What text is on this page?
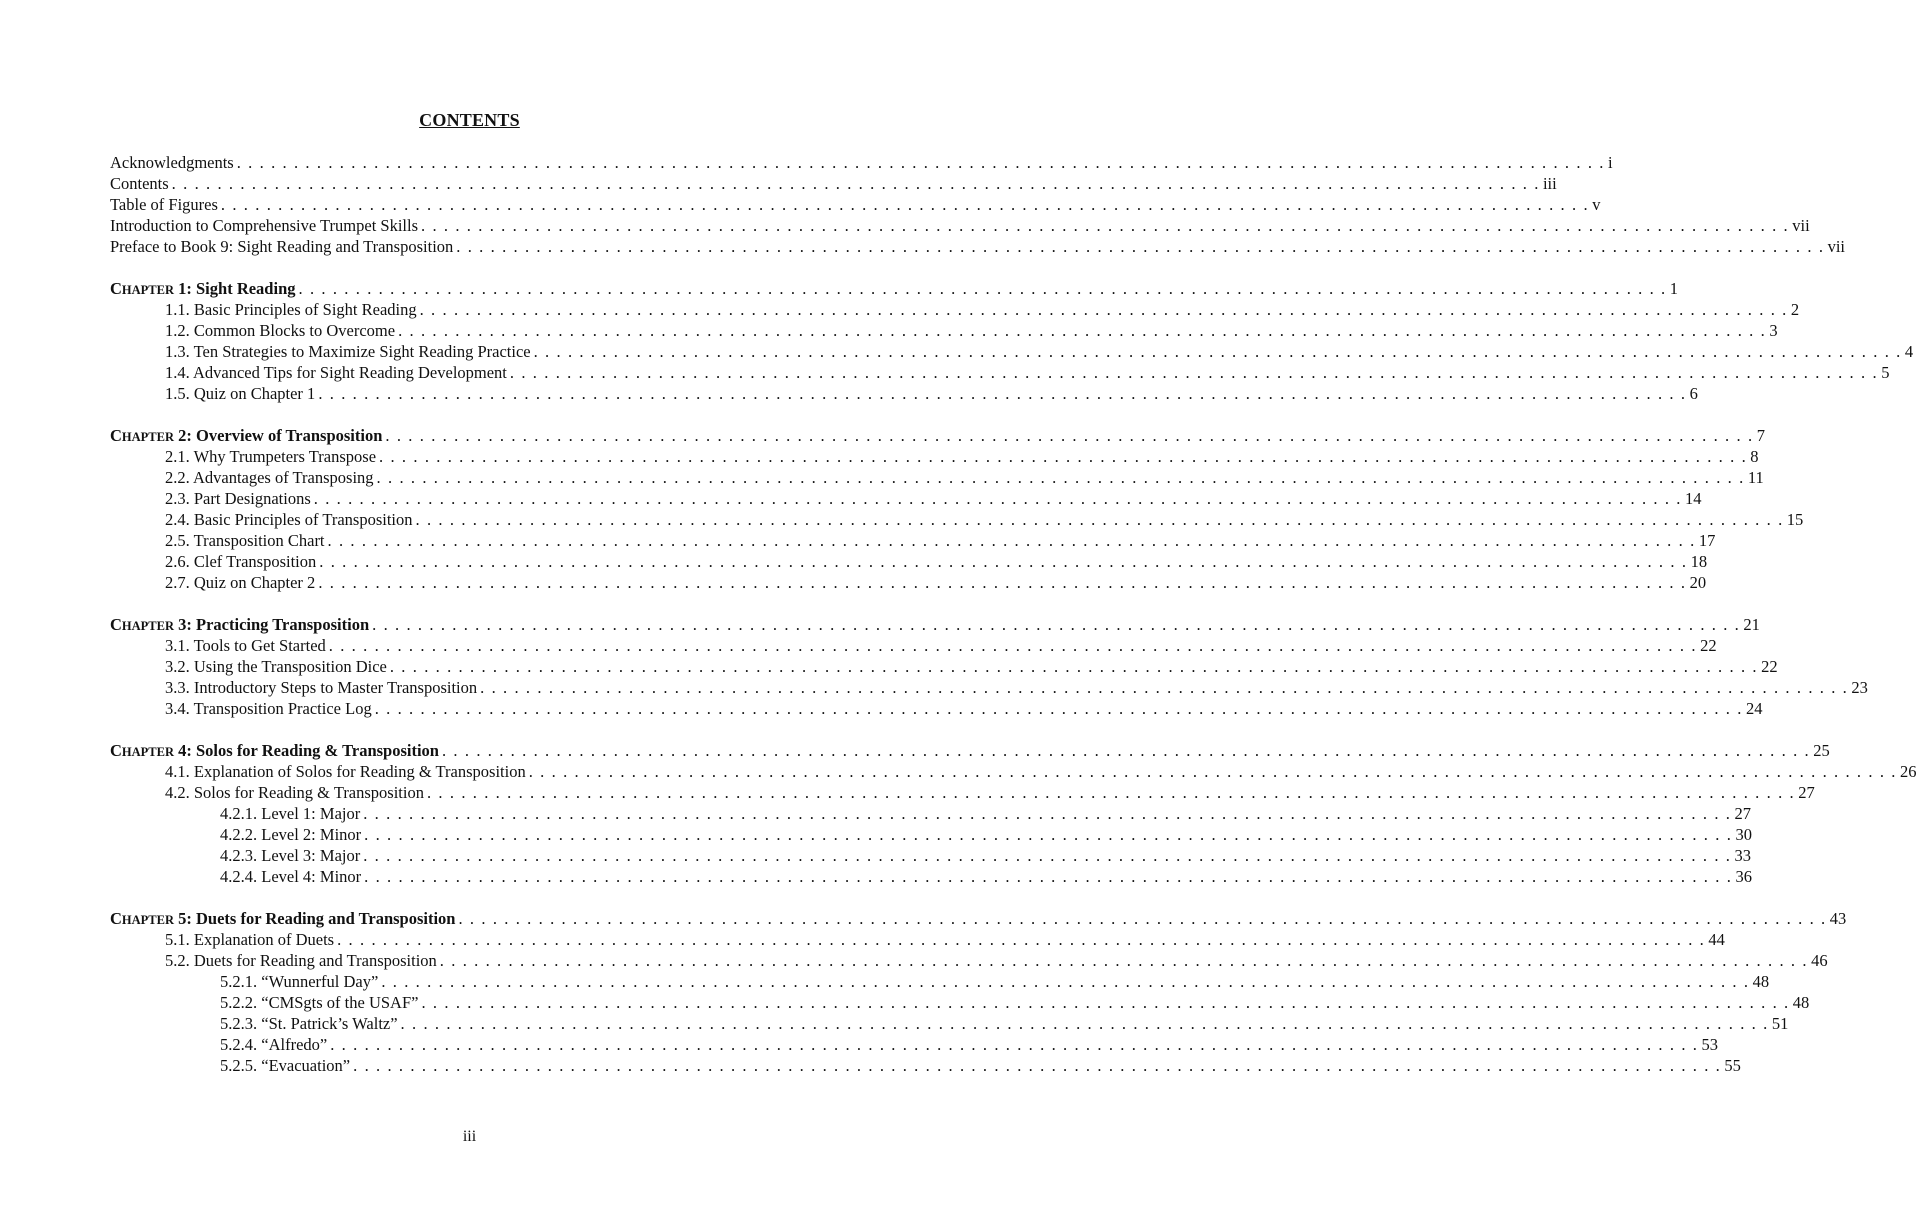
CONTENTS
Acknowledgments . . . . . . . . . . . . . . . . . . . . . . . . . . . . . . . . . . . . . . . . . . . . . . . . . . . . . . . . . . . . . . . . . . . . . . . . . . . . . . . . . . . . . . . . . . . . . . . . . . . . . . . . . . . . . . . . . . . . . . . . i
Contents . . . . . . . . . . . . . . . . . . . . . . . . . . . . . . . . . . . . . . . . . . . . . . . . . . . . . . . . . . . . . . . . . . . . . . . . . . . . . . . . . . . . . . . . . . . . . . . . . . . . . . . . . . . . . . . . . . . . . . . . iii
Table of Figures . . . . . . . . . . . . . . . . . . . . . . . . . . . . . . . . . . . . . . . . . . . . . . . . . . . . . . . . . . . . . . . . . . . . . . . . . . . . . . . . . . . . . . . . . . . . . . . . . . . . . . . . . . . . . . . . . . . . . . . . v
Introduction to Comprehensive Trumpet Skills . . . . . . . . . . . . . . . . . . . . . . . . . . . . . . . . . . . . . . . . . . . . . . . . . . . . . . . . . . . . . . . . . . . . . . . . . . . . . . . . . . . . . . . . . . . . . . . . . . . . . . . . . . . . . . . . . . . . . . . . vii
Preface to Book 9: Sight Reading and Transposition . . . . . . . . . . . . . . . . . . . . . . . . . . . . . . . . . . . . . . . . . . . . . . . . . . . . . . . . . . . . . . . . . . . . . . . . . . . . . . . . . . . . . . . . . . . . . . . . . . . . . . . . . . . . . . . . . . . . . . . . vii
CHAPTER 1: Sight Reading . . . . . . . . . . . . . . . . . . . . . . . . . . . . . . . . . . . . . . . . . . . . . . . . . . . . . . . . . . . . . . . . . . . . . . . . . . . . . . . . . . . . . . . . . . . . . . . . . . . . . . . . . . . . . . . . . . . . . . . . 1
1.1. Basic Principles of Sight Reading . . . . . . . . . . . . . . . . . . . . . . . . . . . . . . . . . . . . . . . . . . . . . . . . . . . . . . . . . . . . . . . . . . . . . . . . . . . . . . . . . . . . . . . . . . . . . . . . . . . . . . . . . . . . . . . . . . . . . . . . 2
1.2. Common Blocks to Overcome . . . . . . . . . . . . . . . . . . . . . . . . . . . . . . . . . . . . . . . . . . . . . . . . . . . . . . . . . . . . . . . . . . . . . . . . . . . . . . . . . . . . . . . . . . . . . . . . . . . . . . . . . . . . . . . . . . . . . . . . 3
1.3. Ten Strategies to Maximize Sight Reading Practice . . . . . . . . . . . . . . . . . . . . . . . . . . . . . . . . . . . . . . . . . . . . . . . . . . . . . . . . . . . . . . . . . . . . . . . . . . . . . . . . . . . . . . . . . . . . . . . . . . . . . . . . . . . . . . . . . . . . . . . . 4
1.4. Advanced Tips for Sight Reading Development . . . . . . . . . . . . . . . . . . . . . . . . . . . . . . . . . . . . . . . . . . . . . . . . . . . . . . . . . . . . . . . . . . . . . . . . . . . . . . . . . . . . . . . . . . . . . . . . . . . . . . . . . . . . . . . . . . . . . . . . 5
1.5. Quiz on Chapter 1 . . . . . . . . . . . . . . . . . . . . . . . . . . . . . . . . . . . . . . . . . . . . . . . . . . . . . . . . . . . . . . . . . . . . . . . . . . . . . . . . . . . . . . . . . . . . . . . . . . . . . . . . . . . . . . . . . . . . . . . . 6
CHAPTER 2: Overview of Transposition . . . . . . . . . . . . . . . . . . . . . . . . . . . . . . . . . . . . . . . . . . . . . . . . . . . . . . . . . . . . . . . . . . . . . . . . . . . . . . . . . . . . . . . . . . . . . . . . . . . . . . . . . . . . . . . . . . . . . . . . 7
2.1. Why Trumpeters Transpose . . . . . . . . . . . . . . . . . . . . . . . . . . . . . . . . . . . . . . . . . . . . . . . . . . . . . . . . . . . . . . . . . . . . . . . . . . . . . . . . . . . . . . . . . . . . . . . . . . . . . . . . . . . . . . . . . . . . . . . . 8
2.2. Advantages of Transposing . . . . . . . . . . . . . . . . . . . . . . . . . . . . . . . . . . . . . . . . . . . . . . . . . . . . . . . . . . . . . . . . . . . . . . . . . . . . . . . . . . . . . . . . . . . . . . . . . . . . . . . . . . . . . . . . . . . . . . . . 11
2.3. Part Designations . . . . . . . . . . . . . . . . . . . . . . . . . . . . . . . . . . . . . . . . . . . . . . . . . . . . . . . . . . . . . . . . . . . . . . . . . . . . . . . . . . . . . . . . . . . . . . . . . . . . . . . . . . . . . . . . . . . . . . . . 14
2.4. Basic Principles of Transposition . . . . . . . . . . . . . . . . . . . . . . . . . . . . . . . . . . . . . . . . . . . . . . . . . . . . . . . . . . . . . . . . . . . . . . . . . . . . . . . . . . . . . . . . . . . . . . . . . . . . . . . . . . . . . . . . . . . . . . . . 15
2.5. Transposition Chart . . . . . . . . . . . . . . . . . . . . . . . . . . . . . . . . . . . . . . . . . . . . . . . . . . . . . . . . . . . . . . . . . . . . . . . . . . . . . . . . . . . . . . . . . . . . . . . . . . . . . . . . . . . . . . . . . . . . . . . . 17
2.6. Clef Transposition . . . . . . . . . . . . . . . . . . . . . . . . . . . . . . . . . . . . . . . . . . . . . . . . . . . . . . . . . . . . . . . . . . . . . . . . . . . . . . . . . . . . . . . . . . . . . . . . . . . . . . . . . . . . . . . . . . . . . . . . 18
2.7. Quiz on Chapter 2 . . . . . . . . . . . . . . . . . . . . . . . . . . . . . . . . . . . . . . . . . . . . . . . . . . . . . . . . . . . . . . . . . . . . . . . . . . . . . . . . . . . . . . . . . . . . . . . . . . . . . . . . . . . . . . . . . . . . . . . . 20
CHAPTER 3: Practicing Transposition . . . . . . . . . . . . . . . . . . . . . . . . . . . . . . . . . . . . . . . . . . . . . . . . . . . . . . . . . . . . . . . . . . . . . . . . . . . . . . . . . . . . . . . . . . . . . . . . . . . . . . . . . . . . . . . . . . . . . . . . 21
3.1. Tools to Get Started . . . . . . . . . . . . . . . . . . . . . . . . . . . . . . . . . . . . . . . . . . . . . . . . . . . . . . . . . . . . . . . . . . . . . . . . . . . . . . . . . . . . . . . . . . . . . . . . . . . . . . . . . . . . . . . . . . . . . . . . 22
3.2. Using the Transposition Dice . . . . . . . . . . . . . . . . . . . . . . . . . . . . . . . . . . . . . . . . . . . . . . . . . . . . . . . . . . . . . . . . . . . . . . . . . . . . . . . . . . . . . . . . . . . . . . . . . . . . . . . . . . . . . . . . . . . . . . . . 22
3.3. Introductory Steps to Master Transposition . . . . . . . . . . . . . . . . . . . . . . . . . . . . . . . . . . . . . . . . . . . . . . . . . . . . . . . . . . . . . . . . . . . . . . . . . . . . . . . . . . . . . . . . . . . . . . . . . . . . . . . . . . . . . . . . . . . . . . . . 23
3.4. Transposition Practice Log . . . . . . . . . . . . . . . . . . . . . . . . . . . . . . . . . . . . . . . . . . . . . . . . . . . . . . . . . . . . . . . . . . . . . . . . . . . . . . . . . . . . . . . . . . . . . . . . . . . . . . . . . . . . . . . . . . . . . . . . 24
CHAPTER 4: Solos for Reading & Transposition . . . . . . . . . . . . . . . . . . . . . . . . . . . . . . . . . . . . . . . . . . . . . . . . . . . . . . . . . . . . . . . . . . . . . . . . . . . . . . . . . . . . . . . . . . . . . . . . . . . . . . . . . . . . . . . . . . . . . . . . 25
4.1. Explanation of Solos for Reading & Transposition . . . . . . . . . . . . . . . . . . . . . . . . . . . . . . . . . . . . . . . . . . . . . . . . . . . . . . . . . . . . . . . . . . . . . . . . . . . . . . . . . . . . . . . . . . . . . . . . . . . . . . . . . . . . . . . . . . . . . . . . 26
4.2. Solos for Reading & Transposition . . . . . . . . . . . . . . . . . . . . . . . . . . . . . . . . . . . . . . . . . . . . . . . . . . . . . . . . . . . . . . . . . . . . . . . . . . . . . . . . . . . . . . . . . . . . . . . . . . . . . . . . . . . . . . . . . . . . . . . . 27
4.2.1. Level 1: Major . . . . . . . . . . . . . . . . . . . . . . . . . . . . . . . . . . . . . . . . . . . . . . . . . . . . . . . . . . . . . . . . . . . . . . . . . . . . . . . . . . . . . . . . . . . . . . . . . . . . . . . . . . . . . . . . . . . . . . . . 27
4.2.2. Level 2: Minor . . . . . . . . . . . . . . . . . . . . . . . . . . . . . . . . . . . . . . . . . . . . . . . . . . . . . . . . . . . . . . . . . . . . . . . . . . . . . . . . . . . . . . . . . . . . . . . . . . . . . . . . . . . . . . . . . . . . . . . . 30
4.2.3. Level 3: Major . . . . . . . . . . . . . . . . . . . . . . . . . . . . . . . . . . . . . . . . . . . . . . . . . . . . . . . . . . . . . . . . . . . . . . . . . . . . . . . . . . . . . . . . . . . . . . . . . . . . . . . . . . . . . . . . . . . . . . . . 33
4.2.4. Level 4: Minor . . . . . . . . . . . . . . . . . . . . . . . . . . . . . . . . . . . . . . . . . . . . . . . . . . . . . . . . . . . . . . . . . . . . . . . . . . . . . . . . . . . . . . . . . . . . . . . . . . . . . . . . . . . . . . . . . . . . . . . . 36
CHAPTER 5: Duets for Reading and Transposition . . . . . . . . . . . . . . . . . . . . . . . . . . . . . . . . . . . . . . . . . . . . . . . . . . . . . . . . . . . . . . . . . . . . . . . . . . . . . . . . . . . . . . . . . . . . . . . . . . . . . . . . . . . . . . . . . . . . . . . . 43
5.1. Explanation of Duets . . . . . . . . . . . . . . . . . . . . . . . . . . . . . . . . . . . . . . . . . . . . . . . . . . . . . . . . . . . . . . . . . . . . . . . . . . . . . . . . . . . . . . . . . . . . . . . . . . . . . . . . . . . . . . . . . . . . . . . . 44
5.2. Duets for Reading and Transposition . . . . . . . . . . . . . . . . . . . . . . . . . . . . . . . . . . . . . . . . . . . . . . . . . . . . . . . . . . . . . . . . . . . . . . . . . . . . . . . . . . . . . . . . . . . . . . . . . . . . . . . . . . . . . . . . . . . . . . . . 46
5.2.1. “Wunnerful Day” . . . . . . . . . . . . . . . . . . . . . . . . . . . . . . . . . . . . . . . . . . . . . . . . . . . . . . . . . . . . . . . . . . . . . . . . . . . . . . . . . . . . . . . . . . . . . . . . . . . . . . . . . . . . . . . . . . . . . . . . 48
5.2.2. “CMSgts of the USAF” . . . . . . . . . . . . . . . . . . . . . . . . . . . . . . . . . . . . . . . . . . . . . . . . . . . . . . . . . . . . . . . . . . . . . . . . . . . . . . . . . . . . . . . . . . . . . . . . . . . . . . . . . . . . . . . . . . . . . . . . 48
5.2.3. “St. Patrick’s Waltz” . . . . . . . . . . . . . . . . . . . . . . . . . . . . . . . . . . . . . . . . . . . . . . . . . . . . . . . . . . . . . . . . . . . . . . . . . . . . . . . . . . . . . . . . . . . . . . . . . . . . . . . . . . . . . . . . . . . . . . . . 51
5.2.4. “Alfredo” . . . . . . . . . . . . . . . . . . . . . . . . . . . . . . . . . . . . . . . . . . . . . . . . . . . . . . . . . . . . . . . . . . . . . . . . . . . . . . . . . . . . . . . . . . . . . . . . . . . . . . . . . . . . . . . . . . . . . . . . 53
5.2.5. “Evacuation” . . . . . . . . . . . . . . . . . . . . . . . . . . . . . . . . . . . . . . . . . . . . . . . . . . . . . . . . . . . . . . . . . . . . . . . . . . . . . . . . . . . . . . . . . . . . . . . . . . . . . . . . . . . . . . . . . . . . . . . . 55
iii
